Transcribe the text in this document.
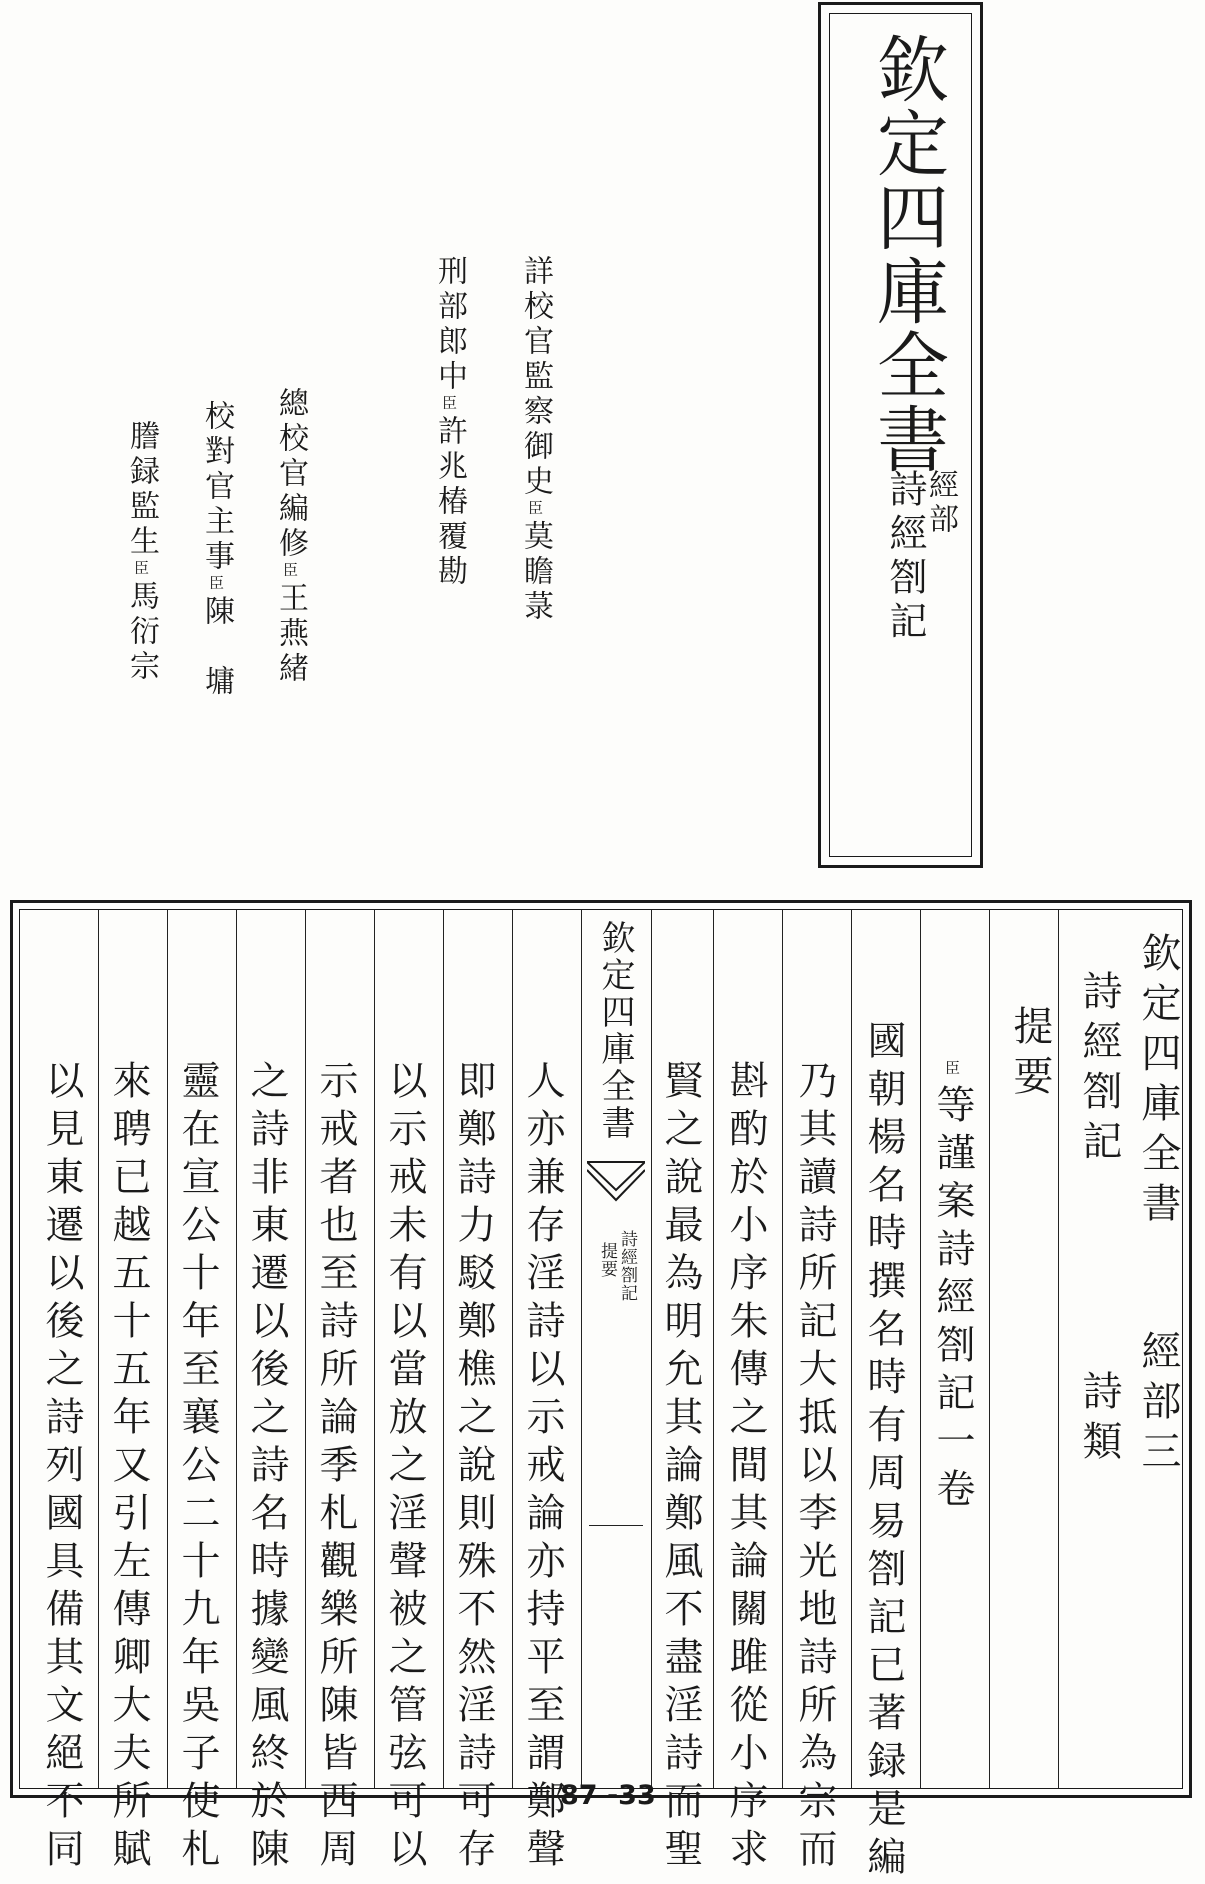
欽定四庫全書
經部
詩經劄記
詳校官監察御史臣莫瞻菉
刑部郎中臣許兆椿覆勘
總校官編修臣王燕緒
校對官主事臣陳　墉
謄録監生臣馬衍宗
欽定四庫全書
經部三
詩經劄記
詩類
提要
臣等謹案詩經劄記一卷
國朝楊名時撰名時有周易劄記已著録是編
乃其讀詩所記大抵以李光地詩所為宗而
斟酌於小序朱傳之間其論關雎從小序求
賢之說最為明允其論鄭風不盡淫詩而聖
欽定四庫全書
詩經劄記
提要
人亦兼存淫詩以示戒論亦持平至謂鄭聲
即鄭詩力駁鄭樵之說則殊不然淫詩可存
以示戒未有以當放之淫聲被之管弦可以
示戒者也至詩所論季札觀樂所陳皆西周
之詩非東遷以後之詩名時據變風終於陳
靈在宣公十年至襄公二十九年吳子使札
來聘已越五十五年又引左傳卿大夫所賦
以見東遷以後之詩列國具備其文絕不同	87 -33
